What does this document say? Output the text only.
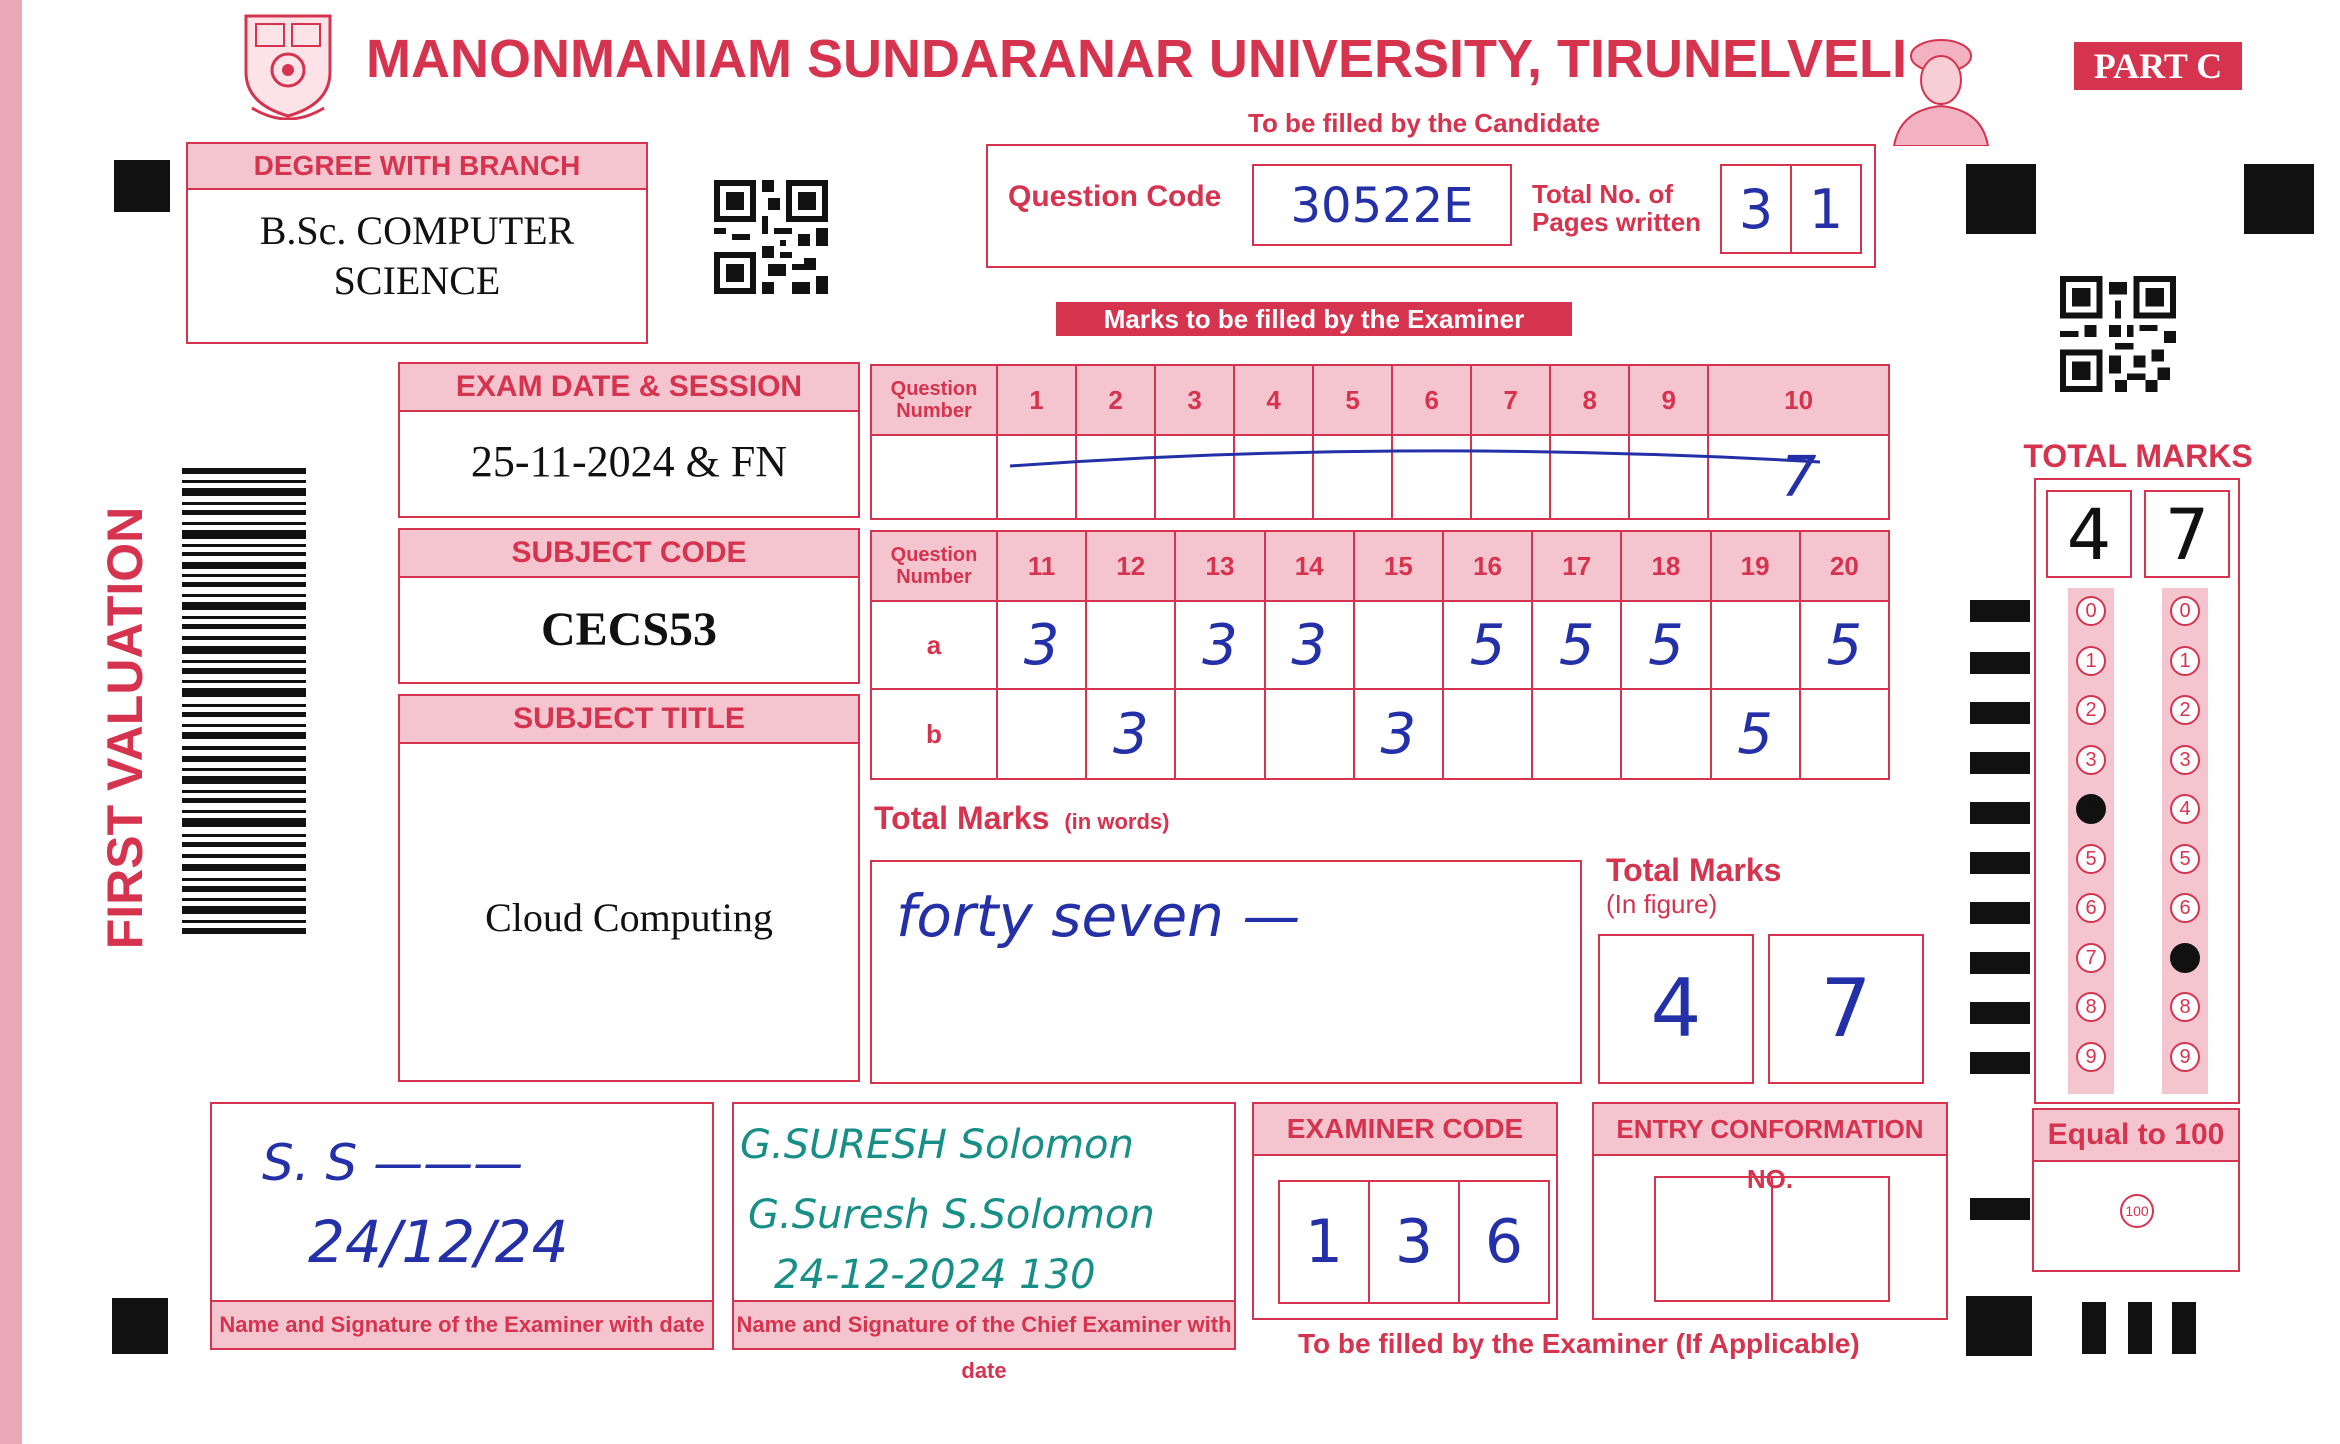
MANONMANIAM SUNDARANAR UNIVERSITY, TIRUNELVELI	PART C
To be filled by the Candidate
DEGREE WITH BRANCH
B.Sc. COMPUTER
SCIENCE
Question Code	30522E	Total No. of
Pages written 3 1
Marks to be filled by the Examiner
FIRST VALUATION
EXAM DATE & SESSION
25-11-2024 & FN
SUBJECT CODE
CECS53
SUBJECT TITLE
Cloud Computing
Question
Number	1	2	3	4	5	6	7	8	9	10
										7
Question
Number	11	12	13	14	15	16	17	18	19	20
a	3		3	3		5	5	5		5
b		3			3				5	
Total Marks (in words)
forty seven —
Total Marks
(In figure)
4	7
TOTAL MARKS
4 7
0
1
2
3
4
5
6
7
8
9
0
1
2
3
4
5
6
7
8
9
Equal to 100
100
S. S ———
24/12/24
Name and Signature of the Examiner with date
G.SURESH Solomon
G.Suresh S.Solomon
24-12-2024 130
Name and Signature of the Chief Examiner with date
EXAMINER CODE
1 3 6
ENTRY CONFORMATION NO.
To be filled by the Examiner (If Applicable)
